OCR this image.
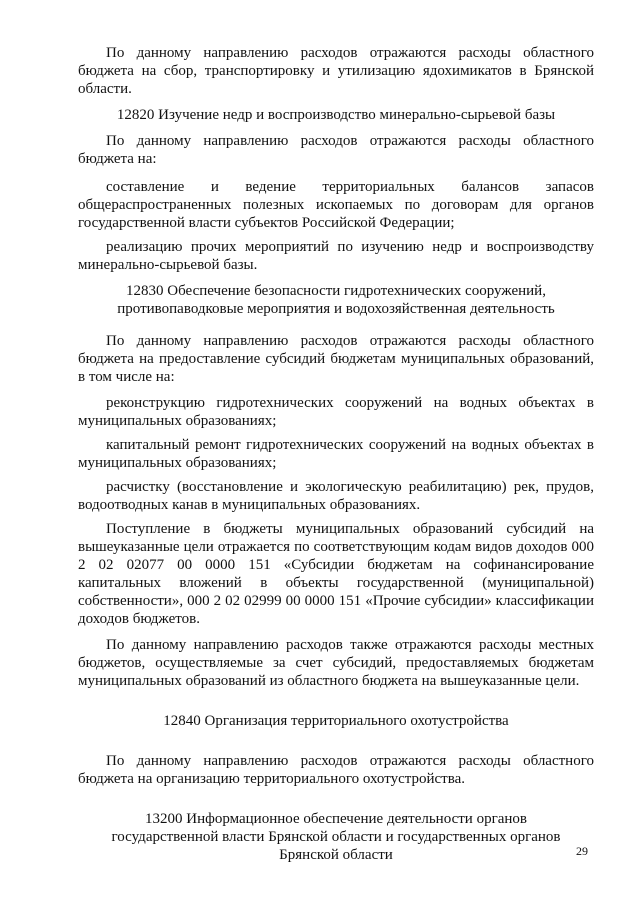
По данному направлению расходов отражаются расходы областного бюджета на сбор, транспортировку и утилизацию ядохимикатов в Брянской области.

12820 Изучение недр и воспроизводство минерально-сырьевой базы

По данному направлению расходов отражаются расходы областного бюджета на:

составление и ведение территориальных балансов запасов общераспространенных полезных ископаемых по договорам для органов государственной власти субъектов Российской Федерации;

реализацию прочих мероприятий по изучению недр и воспроизводству минерально-сырьевой базы.

12830 Обеспечение безопасности гидротехнических сооружений, противопаводковые мероприятия и водохозяйственная деятельность

По данному направлению расходов отражаются расходы областного бюджета на предоставление субсидий бюджетам муниципальных образований, в том числе на:

реконструкцию гидротехнических сооружений на водных объектах в муниципальных образованиях;

капитальный ремонт гидротехнических сооружений на водных объектах в муниципальных образованиях;

расчистку (восстановление и экологическую реабилитацию) рек, прудов, водоотводных канав в муниципальных образованиях.

Поступление в бюджеты муниципальных образований субсидий на вышеуказанные цели отражается по соответствующим кодам видов доходов 000 2 02 02077 00 0000 151 «Субсидии бюджетам на софинансирование капитальных вложений в объекты государственной (муниципальной) собственности», 000 2 02 02999 00 0000 151 «Прочие субсидии» классификации доходов бюджетов.

По данному направлению расходов также отражаются расходы местных бюджетов, осуществляемые за счет субсидий, предоставляемых бюджетам муниципальных образований из областного бюджета на вышеуказанные цели.

12840 Организация территориального охотустройства

По данному направлению расходов отражаются расходы областного бюджета на организацию территориального охотустройства.

13200 Информационное обеспечение деятельности органов государственной власти Брянской области и государственных органов Брянской области	29
